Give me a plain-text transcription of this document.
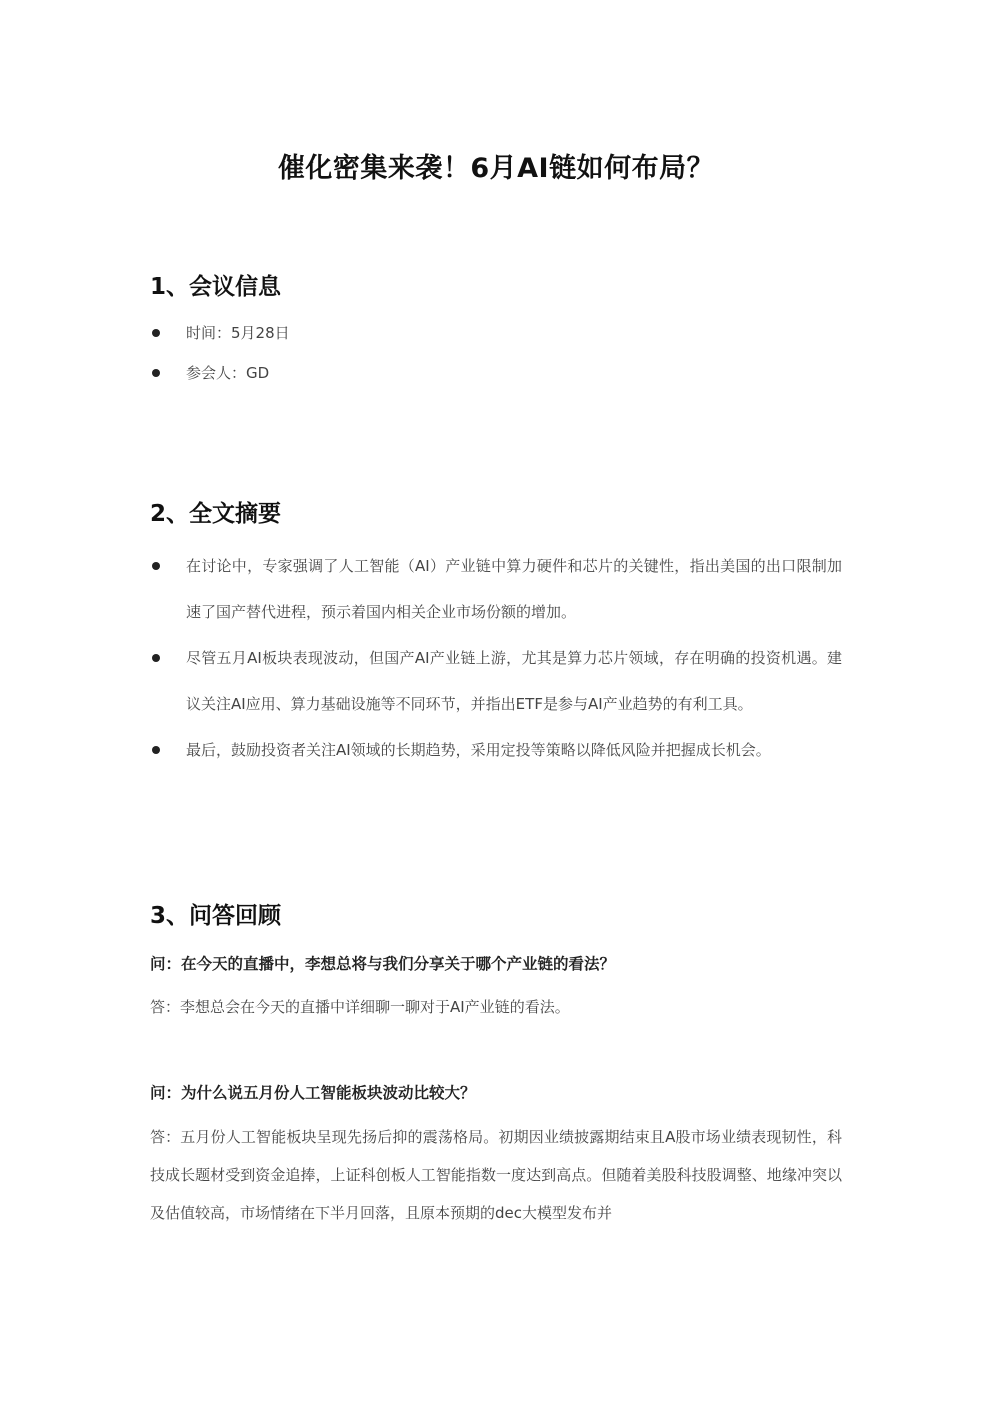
催化密集来袭！6月AI链如何布局？
1、会议信息
时间：5月28日
参会人：GD
2、全文摘要
在讨论中，专家强调了人工智能（AI）产业链中算力硬件和芯片的关键性，指出美国的出口限制加速了国产替代进程，预示着国内相关企业市场份额的增加。
尽管五月AI板块表现波动，但国产AI产业链上游，尤其是算力芯片领域，存在明确的投资机遇。建议关注AI应用、算力基础设施等不同环节，并指出ETF是参与AI产业趋势的有利工具。
最后，鼓励投资者关注AI领域的长期趋势，采用定投等策略以降低风险并把握成长机会。
3、问答回顾
问：在今天的直播中，李想总将与我们分享关于哪个产业链的看法？
答：李想总会在今天的直播中详细聊一聊对于AI产业链的看法。
问：为什么说五月份人工智能板块波动比较大？
答：五月份人工智能板块呈现先扬后抑的震荡格局。初期因业绩披露期结束且A股市场业绩表现韧性，科技成长题材受到资金追捧，上证科创板人工智能指数一度达到高点。但随着美股科技股调整、地缘冲突以及估值较高，市场情绪在下半月回落，且原本预期的dec大模型发布并
